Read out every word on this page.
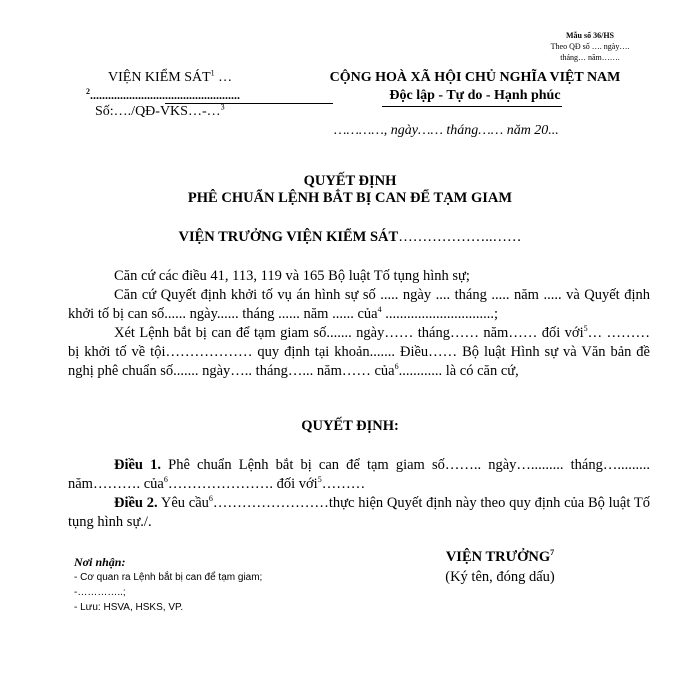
Mẫu số 36/HS
Theo QĐ số …. ngày….
tháng… năm…….
VIỆN KIỂM SÁT$^1$ …
$^2$..................................................
Số:…./QĐ-VKS…-…$^3$
CỘNG HOÀ XÃ HỘI CHỦ NGHĨA VIỆT NAM
Độc lập - Tự do - Hạnh phúc
…………, ngày…… tháng…… năm 20...
QUYẾT ĐỊNH
PHÊ CHUẨN LỆNH BẮT BỊ CAN ĐỂ TẠM GIAM
VIỆN TRƯỞNG VIỆN KIỂM SÁT………………..……
Căn cứ các điều 41, 113, 119 và 165 Bộ luật Tố tụng hình sự;
Căn cứ Quyết định khởi tố vụ án hình sự số ..... ngày .... tháng ..... năm ..... và Quyết định khởi tố bị can số...... ngày...... tháng ...... năm ...... của$^4$ ..............................;
Xét Lệnh bắt bị can để tạm giam số....... ngày…… tháng…… năm…… đối với$^5$… ……… bị khởi tố về tội……………… quy định tại khoản....... Điều…… Bộ luật Hình sự và Văn bản đề nghị phê chuẩn số....... ngày….. tháng…... năm…… của$^6$............ là có căn cứ,
QUYẾT ĐỊNH:
Điều 1. Phê chuẩn Lệnh bắt bị can để tạm giam số…….. ngày…......... tháng…......... năm………. của$^6$…………………. đối với$^5$………
Điều 2. Yêu cầu$^6$……………………thực hiện Quyết định này theo quy định của Bộ luật Tố tụng hình sự./.
Nơi nhận:
- Cơ quan ra Lệnh bắt bị can để tạm giam;
-…………..;
- Lưu: HSVA, HSKS, VP.
VIỆN TRƯỞNG$^7$
(Ký tên, đóng dấu)
